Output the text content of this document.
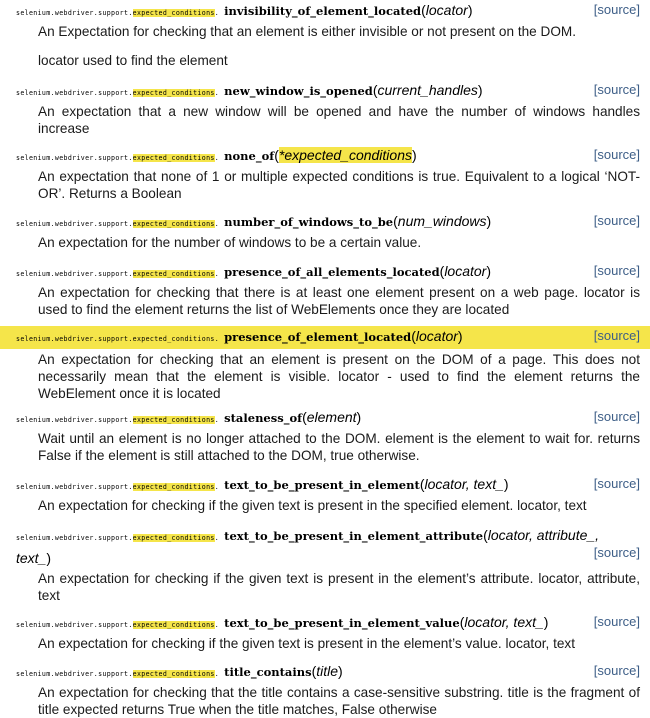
selenium.webdriver.support.expected_conditions. invisibility_of_element_located(locator)	[source]
An Expectation for checking that an element is either invisible or not present on the DOM.
locator used to find the element
selenium.webdriver.support.expected_conditions. new_window_is_opened(current_handles)	[source]
An expectation that a new window will be opened and have the number of windows handles increase
selenium.webdriver.support.expected_conditions. none_of(*expected_conditions)	[source]
An expectation that none of 1 or multiple expected conditions is true. Equivalent to a logical ‘NOT-OR’. Returns a Boolean
selenium.webdriver.support.expected_conditions. number_of_windows_to_be(num_windows)	[source]
An expectation for the number of windows to be a certain value.
selenium.webdriver.support.expected_conditions. presence_of_all_elements_located(locator)	[source]
An expectation for checking that there is at least one element present on a web page. locator is used to find the element returns the list of WebElements once they are located
selenium.webdriver.support.expected_conditions. presence_of_element_located(locator)	[source]
An expectation for checking that an element is present on the DOM of a page. This does not necessarily mean that the element is visible. locator - used to find the element returns the WebElement once it is located
selenium.webdriver.support.expected_conditions. staleness_of(element)	[source]
Wait until an element is no longer attached to the DOM. element is the element to wait for. returns False if the element is still attached to the DOM, true otherwise.
selenium.webdriver.support.expected_conditions. text_to_be_present_in_element(locator, text_)	[source]
An expectation for checking if the given text is present in the specified element. locator, text
selenium.webdriver.support.expected_conditions. text_to_be_present_in_element_attribute(locator, attribute_, text_)	[source]
An expectation for checking if the given text is present in the element’s attribute. locator, attribute, text
selenium.webdriver.support.expected_conditions. text_to_be_present_in_element_value(locator, text_)	[source]
An expectation for checking if the given text is present in the element’s value. locator, text
selenium.webdriver.support.expected_conditions. title_contains(title)	[source]
An expectation for checking that the title contains a case-sensitive substring. title is the fragment of title expected returns True when the title matches, False otherwise
